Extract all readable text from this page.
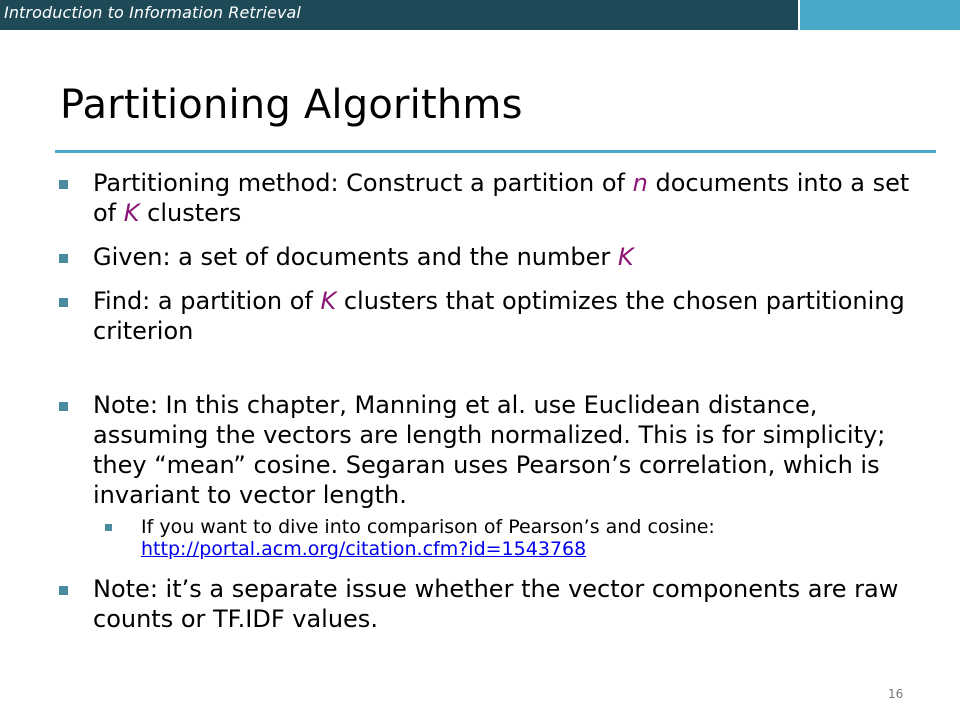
Introduction to Information Retrieval
Partitioning Algorithms
Partitioning method: Construct a partition of n documents into a set of K clusters
Given: a set of documents and the number K
Find: a partition of K clusters that optimizes the chosen partitioning criterion
Note: In this chapter, Manning et al. use Euclidean distance, assuming the vectors are length normalized. This is for simplicity; they “mean” cosine. Segaran uses Pearson’s correlation, which is invariant to vector length.
If you want to dive into comparison of Pearson’s and cosine: http://portal.acm.org/citation.cfm?id=1543768
Note: it’s a separate issue whether the vector components are raw counts or TF.IDF values.
16
